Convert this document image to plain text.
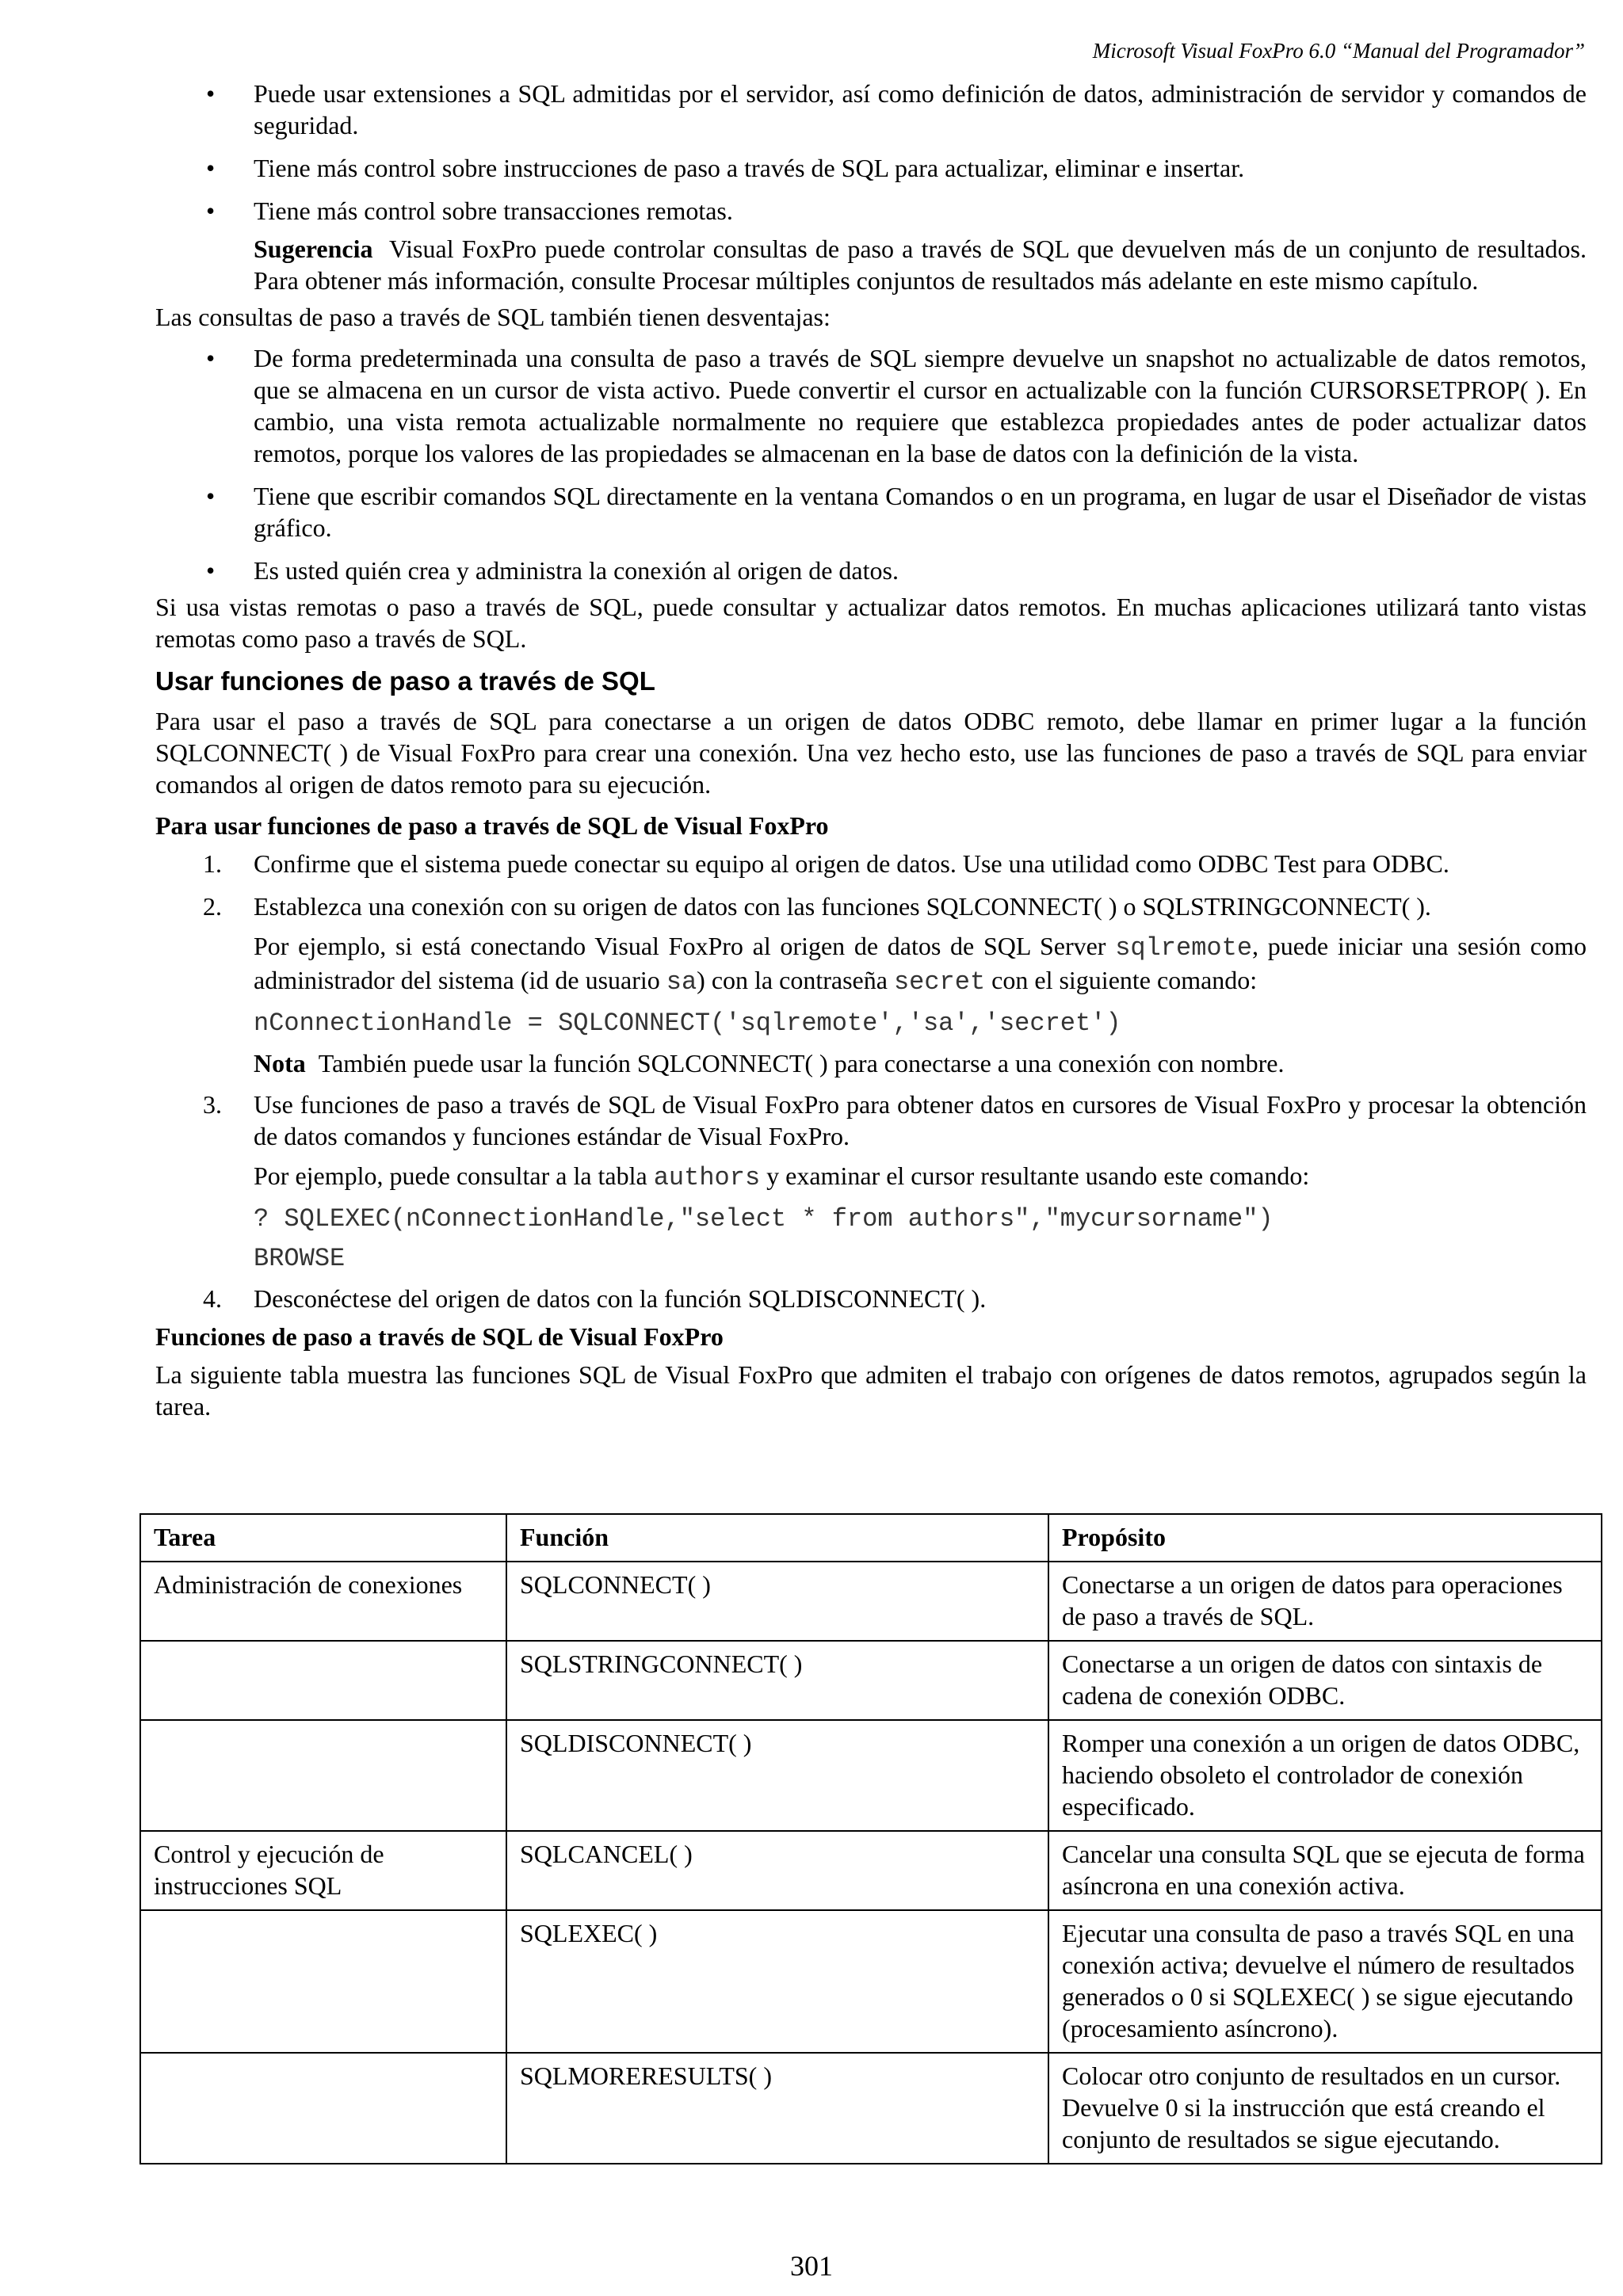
Microsoft Visual FoxPro 6.0 “Manual del Programador”
•	Puede usar extensiones a SQL admitidas por el servidor, así como definición de datos, administración de servidor y comandos de seguridad.
•	Tiene más control sobre instrucciones de paso a través de SQL para actualizar, eliminar e insertar.
•	Tiene más control sobre transacciones remotas.

Sugerencia Visual FoxPro puede controlar consultas de paso a través de SQL que devuelven más de un conjunto de resultados. Para obtener más información, consulte Procesar múltiples conjuntos de resultados más adelante en este mismo capítulo.

Las consultas de paso a través de SQL también tienen desventajas:

•	De forma predeterminada una consulta de paso a través de SQL siempre devuelve un snapshot no actualizable de datos remotos, que se almacena en un cursor de vista activo. Puede convertir el cursor en actualizable con la función CURSORSETPROP( ). En cambio, una vista remota actualizable normalmente no requiere que establezca propiedades antes de poder actualizar datos remotos, porque los valores de las propiedades se almacenan en la base de datos con la definición de la vista.
•	Tiene que escribir comandos SQL directamente en la ventana Comandos o en un programa, en lugar de usar el Diseñador de vistas gráfico.
•	Es usted quién crea y administra la conexión al origen de datos.

Si usa vistas remotas o paso a través de SQL, puede consultar y actualizar datos remotos. En muchas aplicaciones utilizará tanto vistas remotas como paso a través de SQL.

Usar funciones de paso a través de SQL

Para usar el paso a través de SQL para conectarse a un origen de datos ODBC remoto, debe llamar en primer lugar a la función SQLCONNECT( ) de Visual FoxPro para crear una conexión. Una vez hecho esto, use las funciones de paso a través de SQL para enviar comandos al origen de datos remoto para su ejecución.

Para usar funciones de paso a través de SQL de Visual FoxPro
1.	Confirme que el sistema puede conectar su equipo al origen de datos. Use una utilidad como ODBC Test para ODBC.
2.	Establezca una conexión con su origen de datos con las funciones SQLCONNECT( ) o SQLSTRINGCONNECT( ).

Por ejemplo, si está conectando Visual FoxPro al origen de datos de SQL Server sqlremote, puede iniciar una sesión como administrador del sistema (id de usuario sa) con la contraseña secret con el siguiente comando:

nConnectionHandle = SQLCONNECT('sqlremote','sa','secret')

Nota También puede usar la función SQLCONNECT( ) para conectarse a una conexión con nombre.

3.	Use funciones de paso a través de SQL de Visual FoxPro para obtener datos en cursores de Visual FoxPro y procesar la obtención de datos comandos y funciones estándar de Visual FoxPro.

Por ejemplo, puede consultar a la tabla authors y examinar el cursor resultante usando este comando:

? SQLEXEC(nConnectionHandle,"select * from authors","mycursorname")
BROWSE
4.	Desconéctese del origen de datos con la función SQLDISCONNECT( ).
Funciones de paso a través de SQL de Visual FoxPro

La siguiente tabla muestra las funciones SQL de Visual FoxPro que admiten el trabajo con orígenes de datos remotos, agrupados según la tarea.

Tarea	Función	Propósito
Administración de conexiones	SQLCONNECT( )	Conectarse a un origen de datos para operaciones de paso a través de SQL.
	SQLSTRINGCONNECT( )	Conectarse a un origen de datos con sintaxis de cadena de conexión ODBC.
	SQLDISCONNECT( )	Romper una conexión a un origen de datos ODBC, haciendo obsoleto el controlador de conexión especificado.
Control y ejecución de instrucciones SQL	SQLCANCEL( )	Cancelar una consulta SQL que se ejecuta de forma asíncrona en una conexión activa.
	SQLEXEC( )	Ejecutar una consulta de paso a través SQL en una conexión activa; devuelve el número de resultados generados o 0 si SQLEXEC( ) se sigue ejecutando (procesamiento asíncrono).
	SQLMORERESULTS( )	Colocar otro conjunto de resultados en un cursor. Devuelve 0 si la instrucción que está creando el conjunto de resultados se sigue ejecutando.
301
